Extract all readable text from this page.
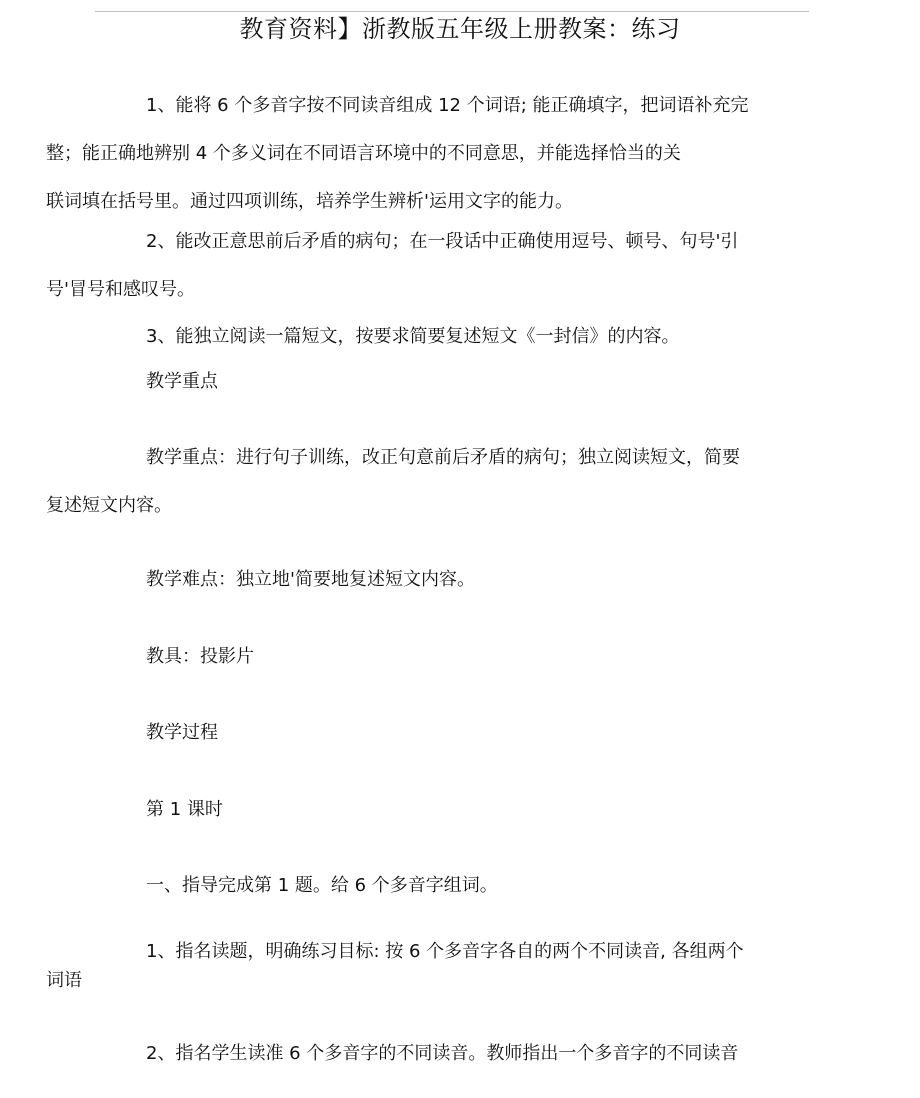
教育资料】浙教版五年级上册教案：练习
1、能将 6 个多音字按不同读音组成 12 个词语; 能正确填字，把词语补充完
整；能正确地辨别 4 个多义词在不同语言环境中的不同意思，并能选择恰当的关
联词填在括号里。通过四项训练，培养学生辨析'运用文字的能力。
2、能改正意思前后矛盾的病句；在一段话中正确使用逗号、顿号、句号'引
号'冒号和感叹号。
3、能独立阅读一篇短文，按要求简要复述短文《一封信》的内容。
教学重点
教学重点：进行句子训练，改正句意前后矛盾的病句；独立阅读短文，简要
复述短文内容。
教学难点：独立地'简要地复述短文内容。
教具：投影片
教学过程
第 1 课时
一、指导完成第 1 题。给 6 个多音字组词。
1、指名读题，明确练习目标: 按 6 个多音字各自的两个不同读音, 各组两个
词语
2、指名学生读准 6 个多音字的不同读音。教师指出一个多音字的不同读音
